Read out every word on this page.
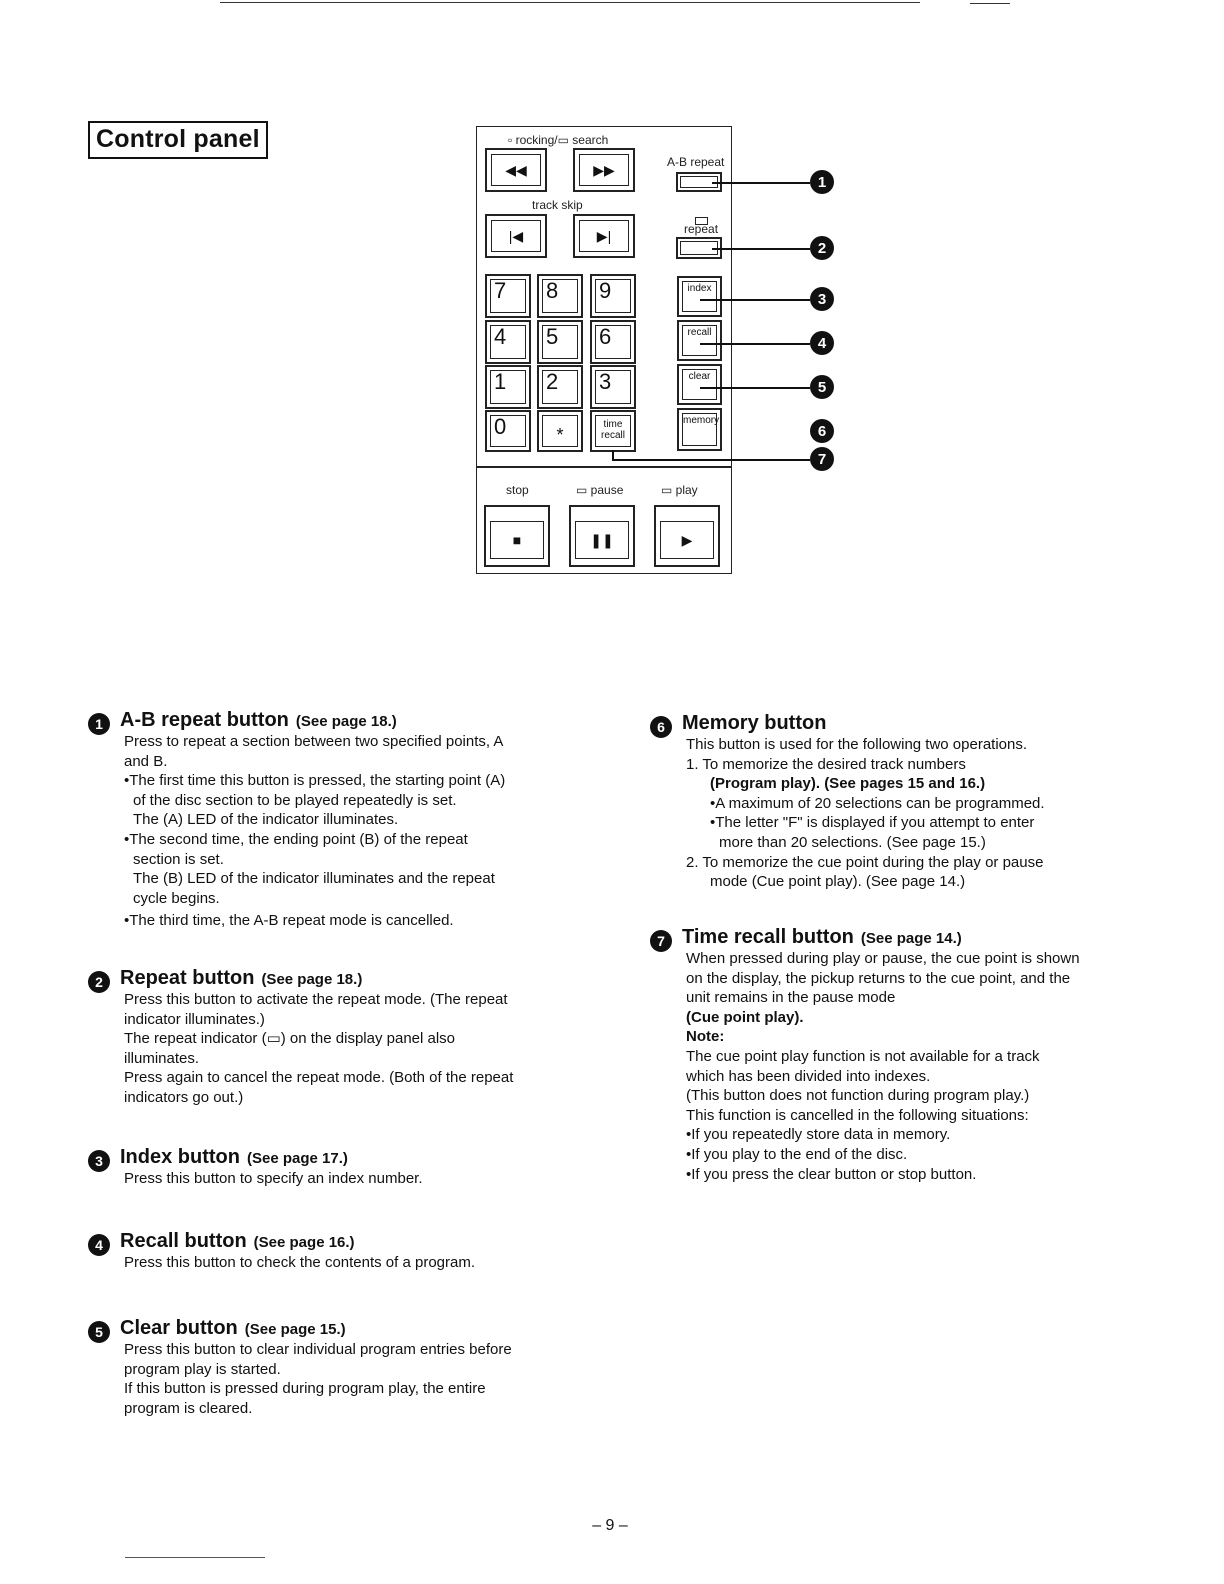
Control panel	▫ rocking/▭ search
◀◀	▶▶
track skip
|◀	▶|
7	8	9
4	5	6
1	2	3
0	*
time recall
A-B repeat
repeat
index
recall
clear
memory
stop	▭ pause	▭ play
■	❚❚	▶
1
2
3
4
5
6
7
1 A-B repeat button (See page 18.)

Press to repeat a section between two specified points, A and B.

•The first time this button is pressed, the starting point (A)

of the disc section to be played repeatedly is set.

The (A) LED of the indicator illuminates.

•The second time, the ending point (B) of the repeat

section is set.

The (B) LED of the indicator illuminates and the repeat

cycle begins.

•The third time, the A-B repeat mode is cancelled.

2 Repeat button (See page 18.)

Press this button to activate the repeat mode. (The repeat indicator illuminates.)

The repeat indicator (▭) on the display panel also illuminates.

Press again to cancel the repeat mode. (Both of the repeat indicators go out.)

3 Index button (See page 17.)

Press this button to specify an index number.

4 Recall button (See page 16.)

Press this button to check the contents of a program.

5 Clear button (See page 15.)

Press this button to clear individual program entries before program play is started.

If this button is pressed during program play, the entire program is cleared.

6 Memory button

This button is used for the following two operations.

1. To memorize the desired track numbers

(Program play). (See pages 15 and 16.)

•A maximum of 20 selections can be programmed.

•The letter "F" is displayed if you attempt to enter

more than 20 selections. (See page 15.)

2. To memorize the cue point during the play or pause

mode (Cue point play). (See page 14.)

7 Time recall button (See page 14.)

When pressed during play or pause, the cue point is shown on the display, the pickup returns to the cue point, and the unit remains in the pause mode

(Cue point play).

Note:

The cue point play function is not available for a track which has been divided into indexes.

(This button does not function during program play.)

This function is cancelled in the following situations:

•If you repeatedly store data in memory.

•If you play to the end of the disc.

•If you press the clear button or stop button.

– 9 –
